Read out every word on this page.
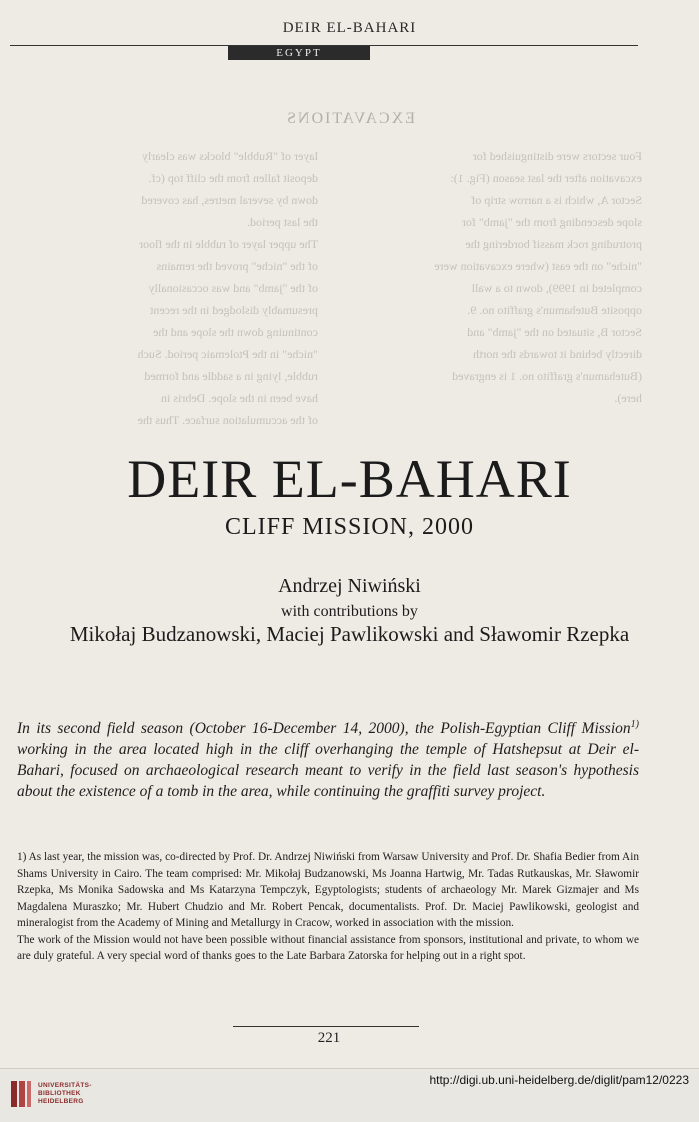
DEIR EL-BAHARI
EGYPT
EXCAVATIONS
Four sectors were distinguished for
excavation after the last season (Fig. 1):
Sector A, which is a narrow strip of
slope descending from the "jamb" for
protruding rock massif bordering the
"niche" on the east (where excavation were
completed in 1999), down to a wall
opposite Butehamun's graffito no. 9.
Sector B, situated on the "jamb" and
directly behind it towards the north
(Butehamun's graffito no. 1 is engraved
here).
layer of "Rubble" blocks was clearly
deposit fallen from the cliff top (cf.
down by several metres, has covered
the last period.
The upper layer of rubble in the floor
of the "niche" proved the remains
of the "jamb" and was occasionally
presumably dislodged in the recent
continuing down the slope and the
"niche" in the Ptolemaic period. Such
rubble, lying in a saddle and formed
have been in the slope. Debris in
of the accumulation surface. Thus the
DEIR EL-BAHARI
CLIFF MISSION, 2000
Andrzej Niwiński
with contributions by
Mikołaj Budzanowski, Maciej Pawlikowski and Sławomir Rzepka

In its second field season (October 16-December 14, 2000), the Polish-Egyptian Cliff Mission$^{1)}$ working in the area located high in the cliff overhanging the temple of Hatshepsut at Deir el-Bahari, focused on archaeological research meant to verify in the field last season's hypothesis about the existence of a tomb in the area, while continuing the graffiti survey project.

1) As last year, the mission was, co-directed by Prof. Dr. Andrzej Niwiński from Warsaw University and Prof. Dr. Shafia Bedier from Ain Shams University in Cairo. The team comprised: Mr. Mikołaj Budzanowski, Ms Joanna Hartwig, Mr. Tadas Rutkauskas, Mr. Sławomir Rzepka, Ms Monika Sadowska and Ms Katarzyna Tempczyk, Egyptologists; students of archaeology Mr. Marek Gizmajer and Ms Magdalena Muraszko; Mr. Hubert Chudzio and Mr. Robert Pencak, documentalists. Prof. Dr. Maciej Pawlikowski, geologist and mineralogist from the Academy of Mining and Metallurgy in Cracow, worked in association with the mission.

The work of the Mission would not have been possible without financial assistance from sponsors, institutional and private, to whom we are duly grateful. A very special word of thanks goes to the Late Barbara Zatorska for helping out in a right spot.

221
UNIVERSITÄTS-
BIBLIOTHEK
HEIDELBERG
http://digi.ub.uni-heidelberg.de/diglit/pam12/0223
